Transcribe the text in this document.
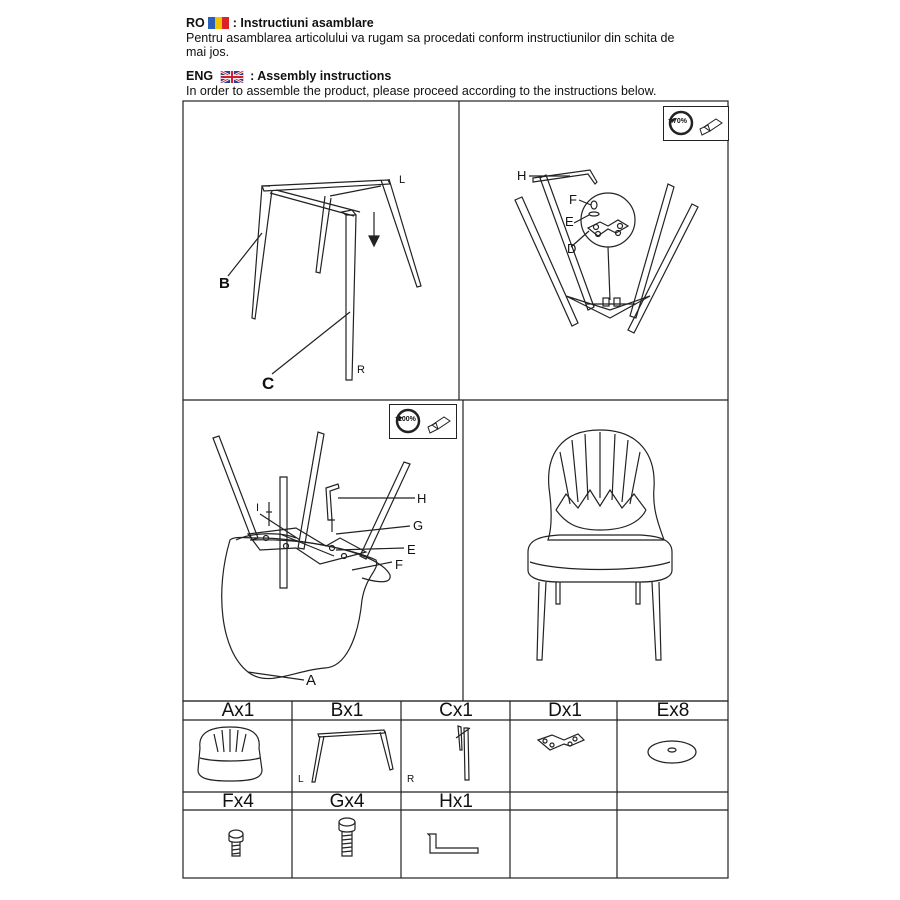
RO : Instructiuni asamblare
Pentru asamblarea articolului va rugam sa procedati conform instructiunilor din schita de
mai jos.
ENG	: Assembly instructions
In order to assemble the product, please proceed according to the instructions below.
70%
100%
B
C
L
R
H
F
E
D
H
G
E
F
I
A
Ax1	Bx1	Cx1	Dx1	Ex8
Fx4	Gx4	Hx1
L	R
